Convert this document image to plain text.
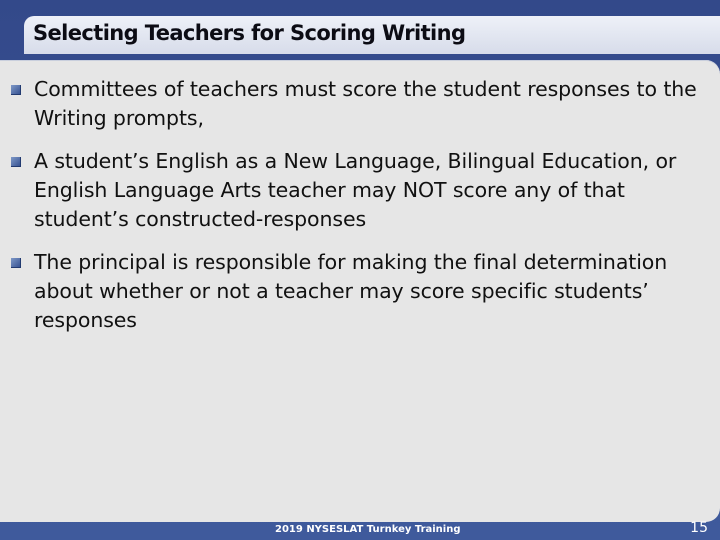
Selecting Teachers for Scoring Writing
Committees of teachers must score the student responses to the Writing prompts,
A student’s English as a New Language, Bilingual Education, or English Language Arts teacher may NOT score any of that student’s constructed-responses
The principal is responsible for making the final determination about whether or not a teacher may score specific students’ responses
2019 NYSESLAT Turnkey Training	15
